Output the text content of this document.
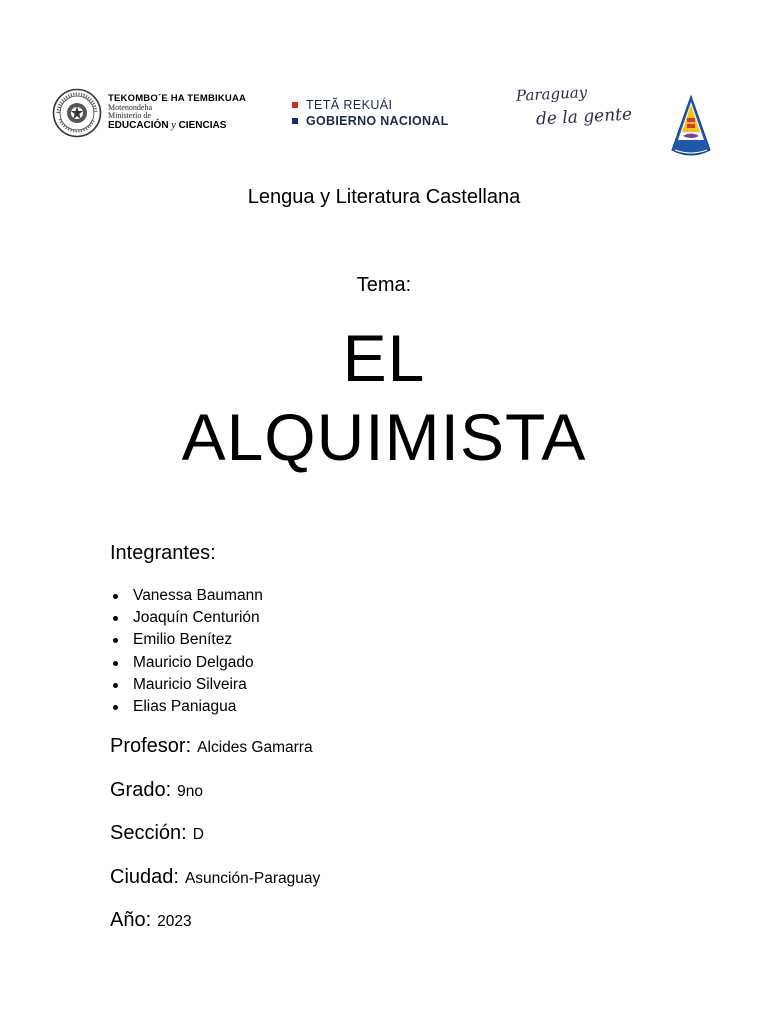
TEKOMBO´E HA TEMBIKUAA
Motenondeha
Ministerio de
EDUCACIÓN y CIENCIAS
TETÃ REKUÁI
GOBIERNO NACIONAL
Paraguay
de la gente
Lengua y Literatura Castellana
Tema:
EL
ALQUIMISTA
Integrantes:
Vanessa Baumann
Joaquín Centurión
Emilio Benítez
Mauricio Delgado
Mauricio Silveira
Elias Paniagua
Profesor: Alcides Gamarra
Grado: 9no
Sección: D
Ciudad: Asunción-Paraguay
Año: 2023
